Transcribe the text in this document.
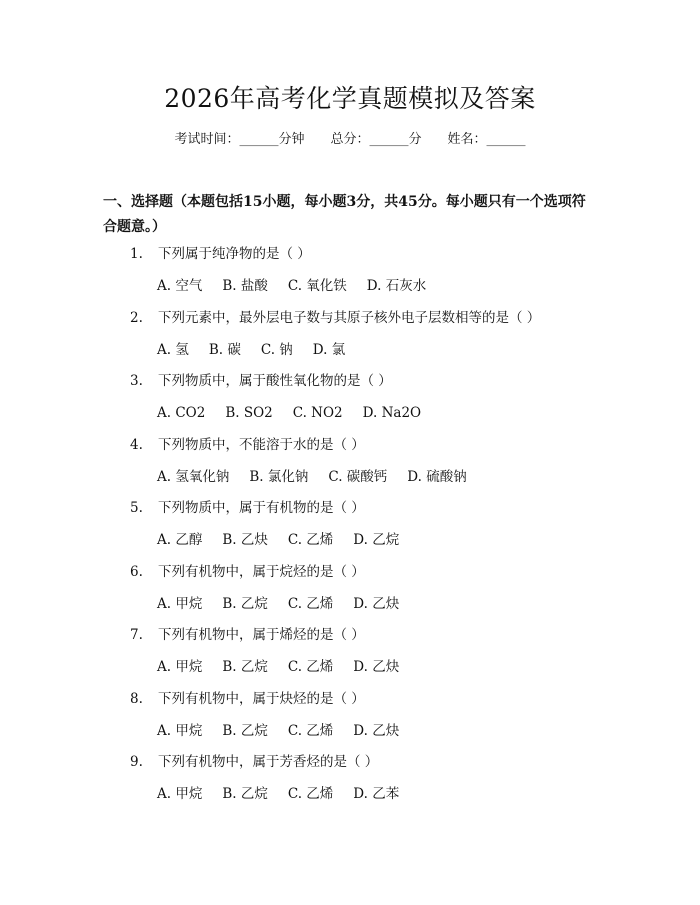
2026年高考化学真题模拟及答案
考试时间：______分钟 总分：______分 姓名：______
一、选择题（本题包括15小题，每小题3分，共45分。每小题只有一个选项符合题意。）
1. 下列属于纯净物的是（ ）
A. 空气 B. 盐酸 C. 氧化铁 D. 石灰水
2. 下列元素中，最外层电子数与其原子核外电子层数相等的是（ ）
A. 氢 B. 碳 C. 钠 D. 氯
3. 下列物质中，属于酸性氧化物的是（ ）
A. CO2 B. SO2 C. NO2 D. Na2O
4. 下列物质中，不能溶于水的是（ ）
A. 氢氧化钠 B. 氯化钠 C. 碳酸钙 D. 硫酸钠
5. 下列物质中，属于有机物的是（ ）
A. 乙醇 B. 乙炔 C. 乙烯 D. 乙烷
6. 下列有机物中，属于烷烃的是（ ）
A. 甲烷 B. 乙烷 C. 乙烯 D. 乙炔
7. 下列有机物中，属于烯烃的是（ ）
A. 甲烷 B. 乙烷 C. 乙烯 D. 乙炔
8. 下列有机物中，属于炔烃的是（ ）
A. 甲烷 B. 乙烷 C. 乙烯 D. 乙炔
9. 下列有机物中，属于芳香烃的是（ ）
A. 甲烷 B. 乙烷 C. 乙烯 D. 乙苯
